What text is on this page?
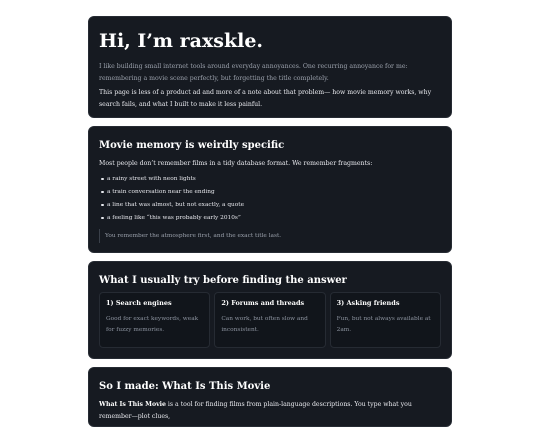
Hi, I’m raxskle.

I like building small internet tools around everyday annoyances. One recurring annoyance for me: remembering a movie scene perfectly, but forgetting the title completely.

This page is less of a product ad and more of a note about that problem— how movie memory works, why search fails, and what I built to make it less painful.

Movie memory is weirdly specific

Most people don’t remember films in a tidy database format. We remember fragments:

a rainy street with neon lights
a train conversation near the ending
a line that was almost, but not exactly, a quote
a feeling like “this was probably early 2010s”
You remember the atmosphere first, and the exact title last.
What I usually try before finding the answer

1) Search engines

Good for exact keywords, weak for fuzzy memories.

2) Forums and threads

Can work, but often slow and inconsistent.

3) Asking friends

Fun, but not always available at 2am.

So I made: What Is This Movie

What Is This Movie is a tool for finding films from plain-language descriptions. You type what you remember—plot clues,
